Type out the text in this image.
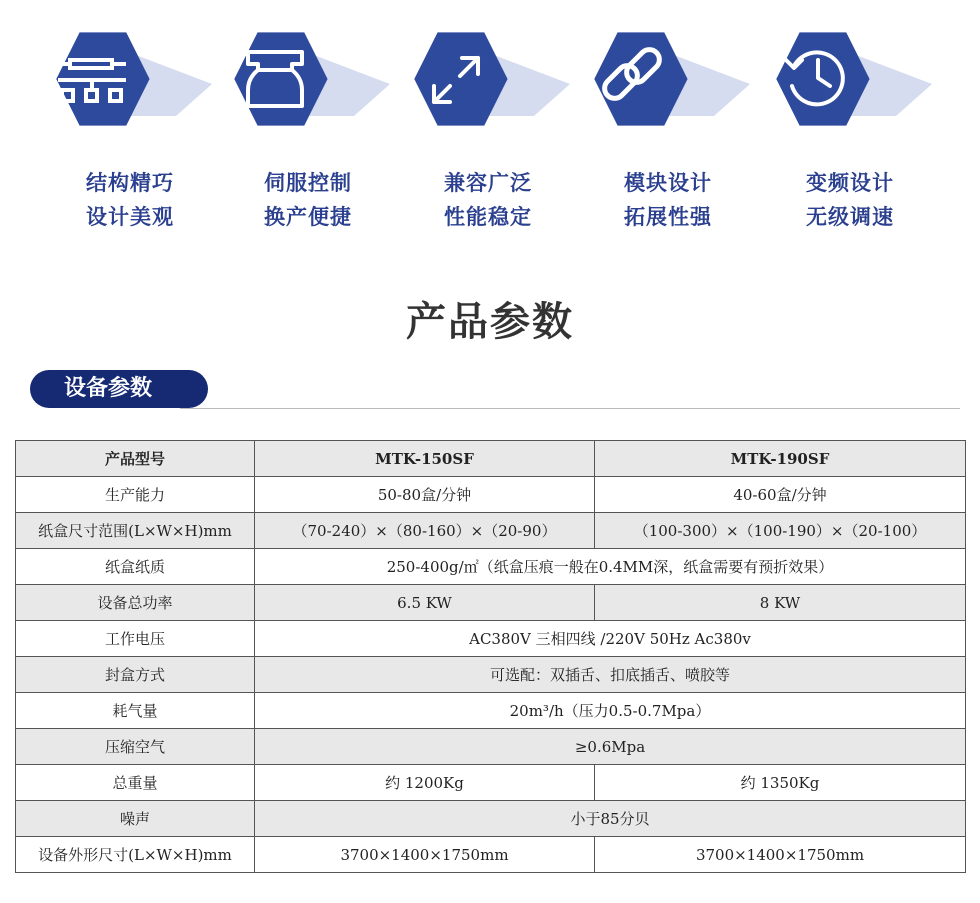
结构精巧
设计美观
伺服控制
换产便捷
兼容广泛
性能稳定
模块设计
拓展性强
变频设计
无级调速
产品参数
设备参数
产品型号	MTK-150SF	MTK-190SF
生产能力	50-80盒/分钟	40-60盒/分钟
纸盒尺寸范围(L×W×H)mm	（70-240）×（80-160）×（20-90）	（100-300）×（100-190）×（20-100）
纸盒纸质	250-400g/㎡（纸盒压痕一般在0.4MM深，纸盒需要有预折效果）	
设备总功率	6.5 KW	8 KW
工作电压	AC380V 三相四线 /220V 50Hz Ac380v	
封盒方式	可选配：双插舌、扣底插舌、喷胶等	
耗气量	20m³/h（压力0.5-0.7Mpa）	
压缩空气	≥0.6Mpa	
总重量	约 1200Kg	约 1350Kg
噪声	小于85分贝	
设备外形尺寸(L×W×H)mm	3700×1400×1750mm	3700×1400×1750mm
